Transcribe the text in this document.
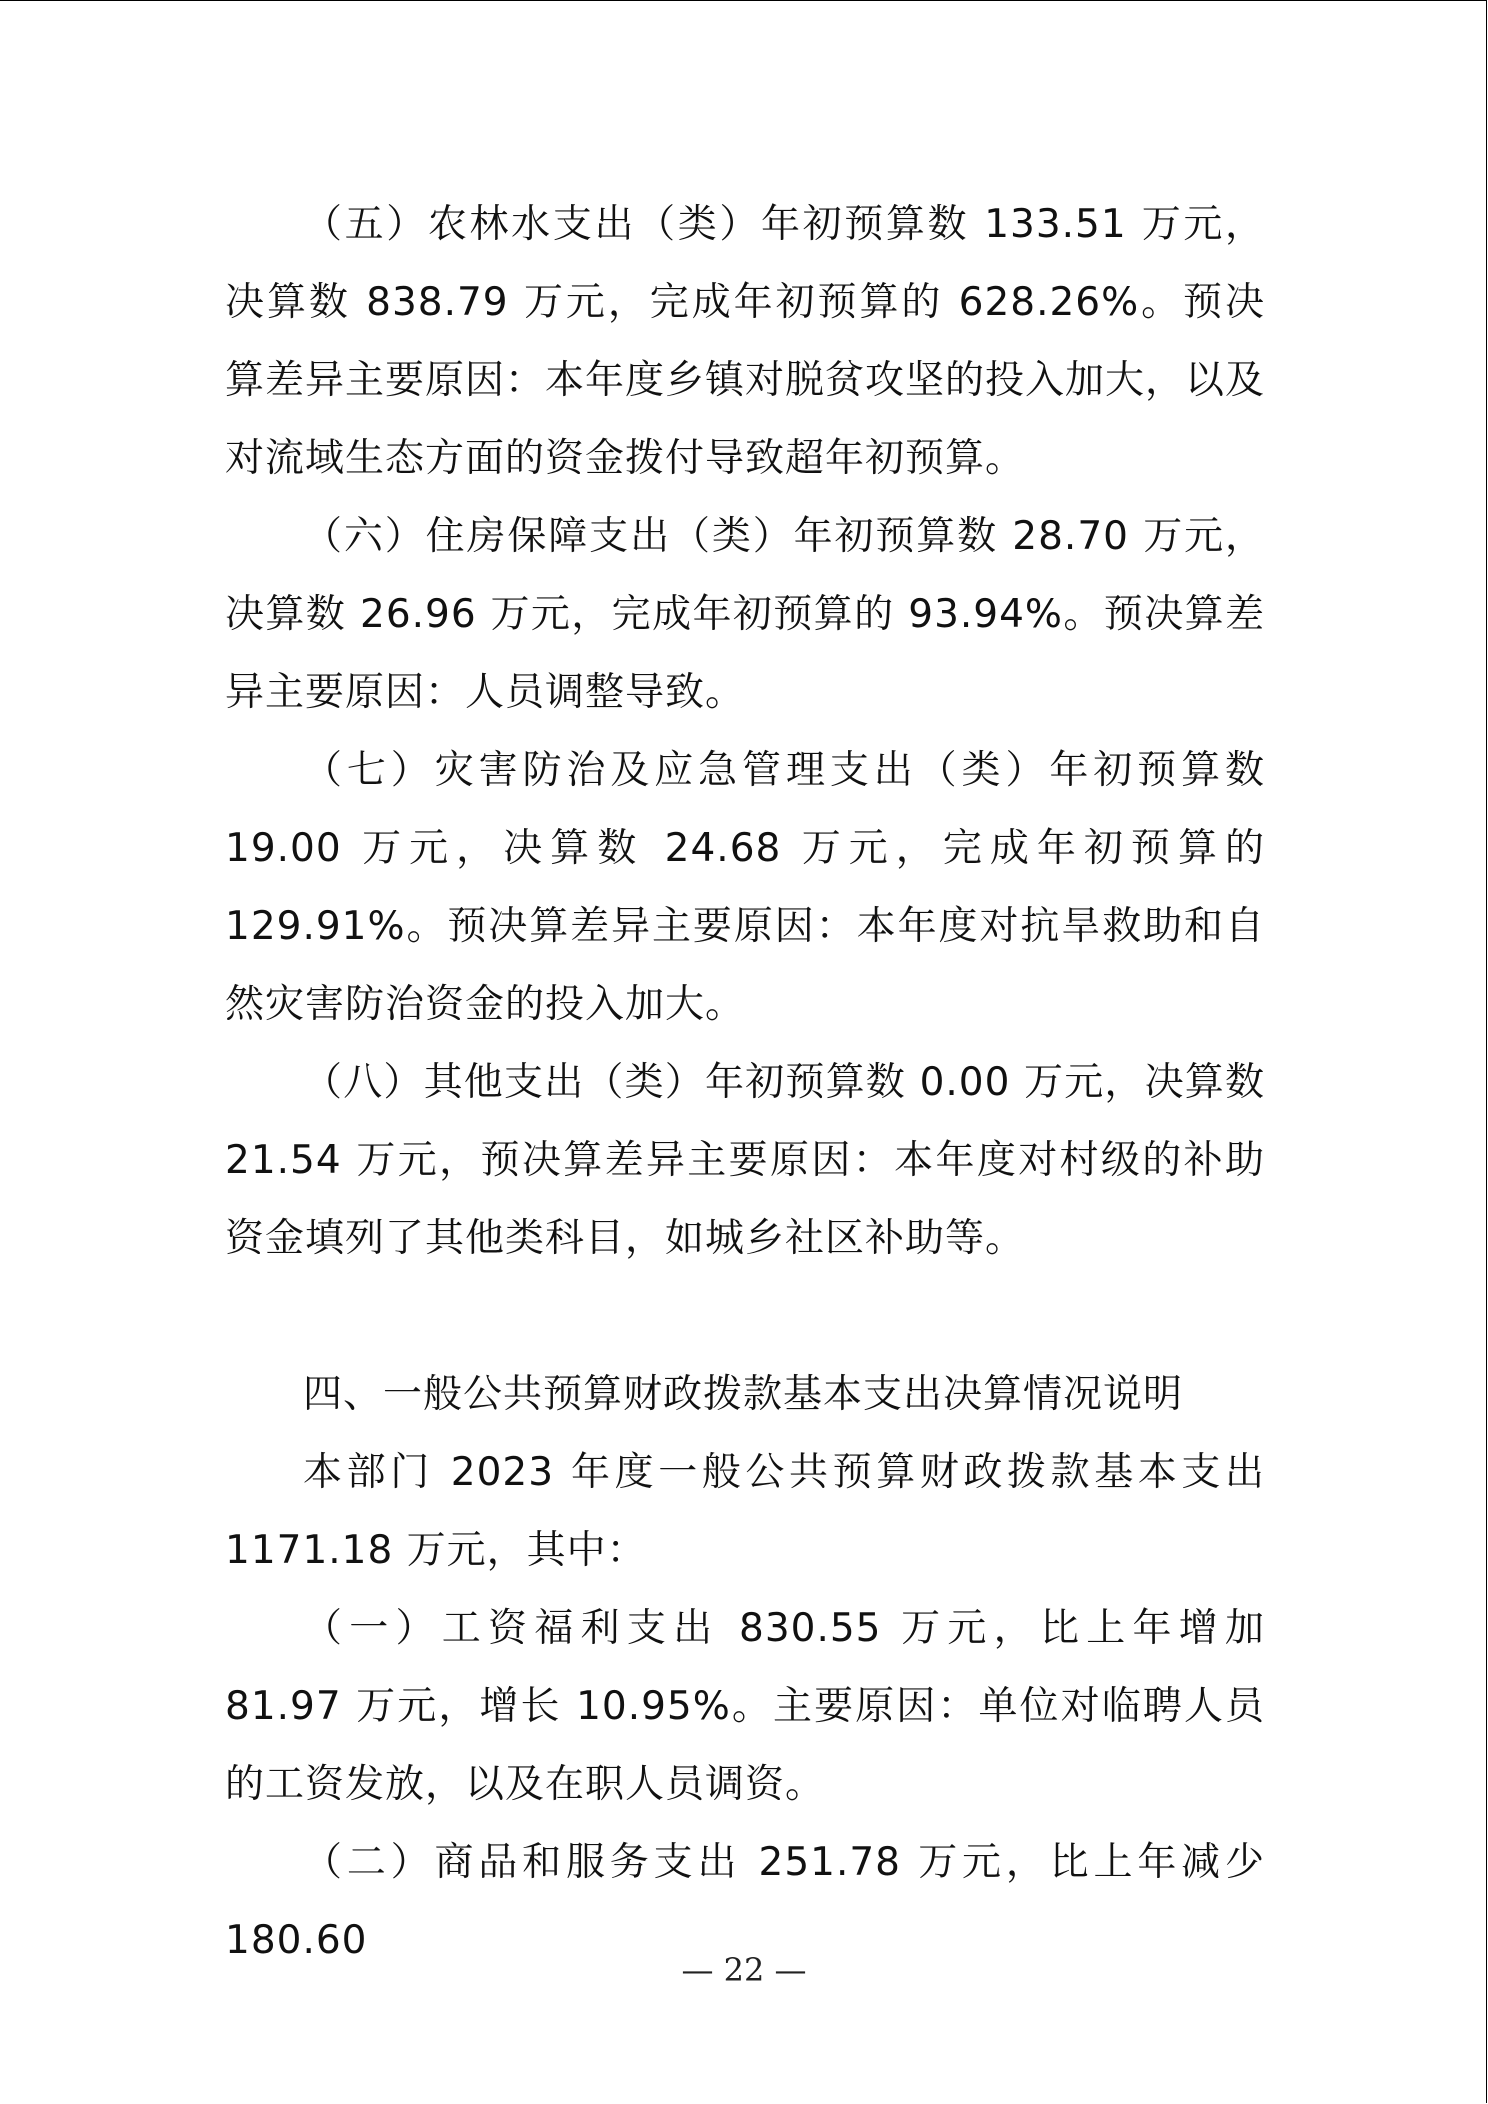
（五）农林水支出（类）年初预算数 133.51 万元，决算数 838.79 万元，完成年初预算的 628.26%。预决算差异主要原因：本年度乡镇对脱贫攻坚的投入加大，以及对流域生态方面的资金拨付导致超年初预算。

（六）住房保障支出（类）年初预算数 28.70 万元，决算数 26.96 万元，完成年初预算的 93.94%。预决算差异主要原因：人员调整导致。

（七）灾害防治及应急管理支出（类）年初预算数 19.00 万元，决算数 24.68 万元，完成年初预算的 129.91%。预决算差异主要原因：本年度对抗旱救助和自然灾害防治资金的投入加大。

（八）其他支出（类）年初预算数 0.00 万元，决算数 21.54 万元，预决算差异主要原因：本年度对村级的补助资金填列了其他类科目，如城乡社区补助等。

四、一般公共预算财政拨款基本支出决算情况说明

本部门 2023 年度一般公共预算财政拨款基本支出 1171.18 万元，其中：

（一）工资福利支出 830.55 万元，比上年增加 81.97 万元，增长 10.95%。主要原因：单位对临聘人员的工资发放，以及在职人员调资。

（二）商品和服务支出 251.78 万元，比上年减少 180.60

— 22 —
